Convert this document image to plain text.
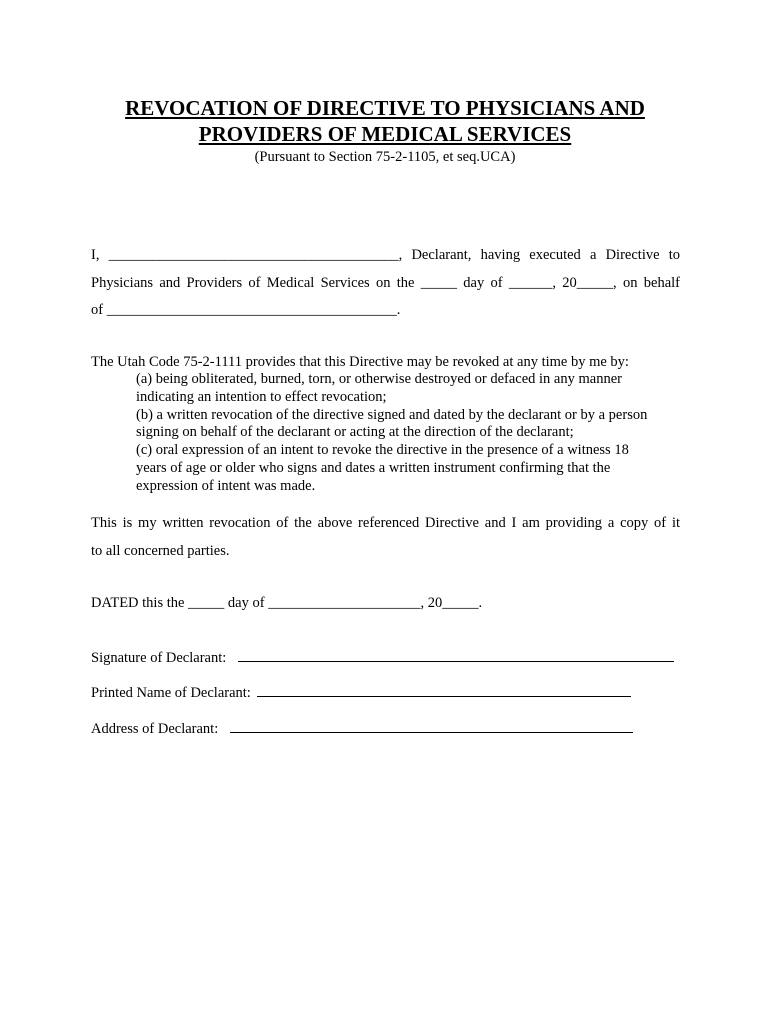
REVOCATION OF DIRECTIVE TO PHYSICIANS AND
PROVIDERS OF MEDICAL SERVICES
(Pursuant to Section 75-2-1105, et seq.UCA)
I, ________________________________________, Declarant, having executed a Directive to
Physicians and Providers of Medical Services on the _____ day of ______, 20_____, on behalf
of ________________________________________.
The Utah Code 75-2-1111 provides that this Directive may be revoked at any time by me by:
(a) being obliterated, burned, torn, or otherwise destroyed or defaced in any manner
indicating an intention to effect revocation;
(b) a written revocation of the directive signed and dated by the declarant or by a person
signing on behalf of the declarant or acting at the direction of the declarant;
(c) oral expression of an intent to revoke the directive in the presence of a witness 18
years of age or older who signs and dates a written instrument confirming that the
expression of intent was made.
This is my written revocation of the above referenced Directive and I am providing a copy of it
to all concerned parties.
DATED this the _____ day of _____________________, 20_____.
Signature of Declarant:
Printed Name of Declarant:
Address of Declarant:
